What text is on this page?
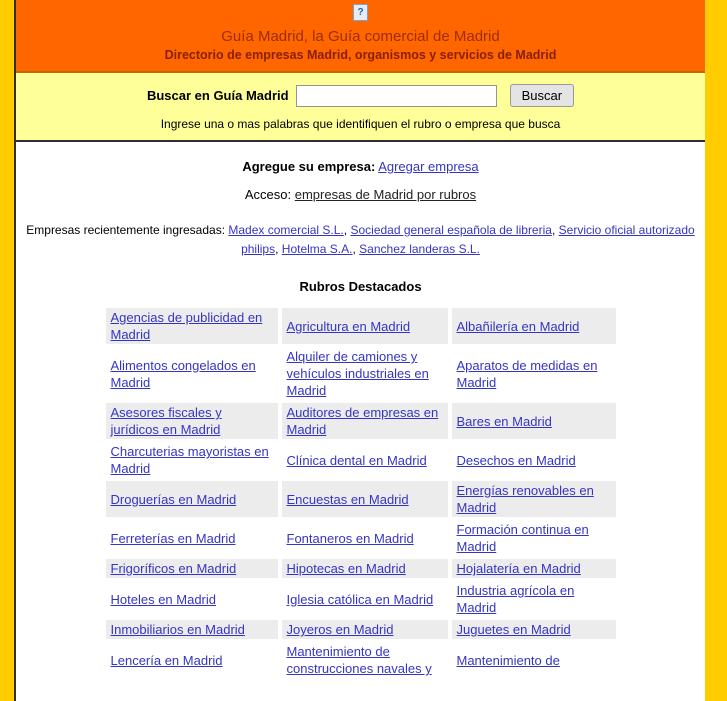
?
Guía Madrid, la Guía comercial de Madrid
Directorio de empresas Madrid, organismos y servicios de Madrid
Buscar en Guía Madrid	Buscar
Ingrese una o mas palabras que identifiquen el rubro o empresa que busca
Agregue su empresa: Agregar empresa
Acceso: empresas de Madrid por rubros
Empresas recientemente ingresadas: Madex comercial S.L., Sociedad general española de libreria, Servicio oficial autorizado philips, Hotelma S.A., Sanchez landeras S.L.
Rubros Destacados
Agencias de publicidad en Madrid	Agricultura en Madrid	Albañilería en Madrid
Alimentos congelados en Madrid	Alquiler de camiones y vehículos industriales en Madrid	Aparatos de medidas en Madrid
Asesores fiscales y jurídicos en Madrid	Auditores de empresas en Madrid	Bares en Madrid
Charcuterias mayoristas en Madrid	Clínica dental en Madrid	Desechos en Madrid
Droguerías en Madrid	Encuestas en Madrid	Energías renovables en Madrid
Ferreterías en Madrid	Fontaneros en Madrid	Formación continua en Madrid
Frigoríficos en Madrid	Hipotecas en Madrid	Hojalatería en Madrid
Hoteles en Madrid	Iglesia católica en Madrid	Industria agrícola en Madrid
Inmobiliarios en Madrid	Joyeros en Madrid	Juguetes en Madrid
Lencería en Madrid	Mantenimiento de construcciones navales y	Mantenimiento de
